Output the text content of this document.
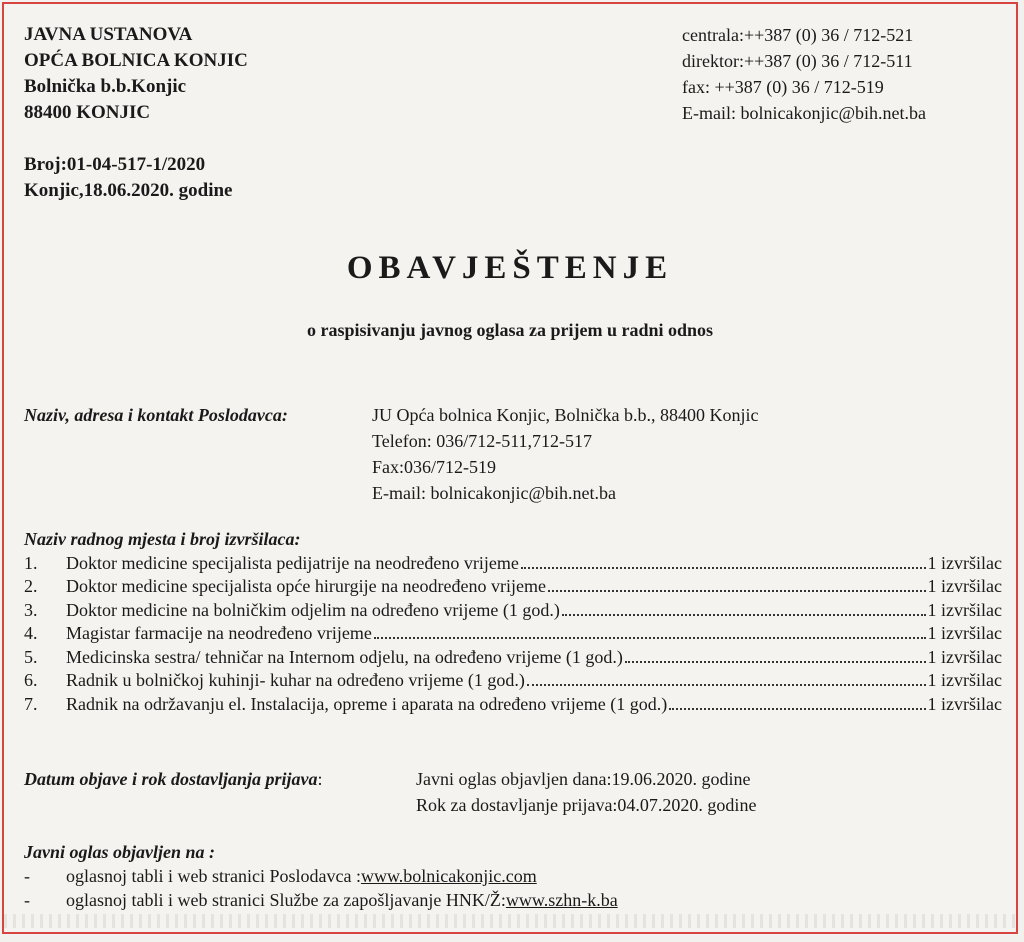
JAVNA USTANOVA
OPĆA BOLNICA KONJIC
Bolnička b.b.Konjic
88400 KONJIC
centrala:++387 (0) 36 / 712-521
direktor:++387 (0) 36 / 712-511
fax: ++387 (0) 36 / 712-519
E-mail: bolnicakonjic@bih.net.ba
Broj:01-04-517-1/2020
Konjic,18.06.2020. godine
OBAVJEŠTENJE
o raspisivanju javnog oglasa za prijem u radni odnos
Naziv, adresa i kontakt Poslodavca:	JU Opća bolnica Konjic, Bolnička b.b., 88400 Konjic
Telefon: 036/712-511,712-517
Fax:036/712-519
E-mail: bolnicakonjic@bih.net.ba
Naziv radnog mjesta i broj izvršilaca:
1.	Doktor medicine specijalista pedijatrije na neodređeno vrijeme	1 izvršilac
2.	Doktor medicine specijalista opće hirurgije na neodređeno vrijeme	1 izvršilac
3.	Doktor medicine na bolničkim odjelim na određeno vrijeme (1 god.)	1 izvršilac
4.	Magistar farmacije na neodređeno vrijeme	1 izvršilac
5.	Medicinska sestra/ tehničar na Internom odjelu, na određeno vrijeme (1 god.)	1 izvršilac
6.	Radnik u bolničkoj kuhinji- kuhar na određeno vrijeme (1 god.)	1 izvršilac
7.	Radnik na održavanju el. Instalacija, opreme i aparata na određeno vrijeme (1 god.)	1 izvršilac
Datum objave i rok dostavljanja prijava:	Javni oglas objavljen dana:19.06.2020. godine
Rok za dostavljanje prijava:04.07.2020. godine
Javni oglas objavljen na :
-	oglasnoj tabli i web stranici Poslodavca : www.bolnicakonjic.com
-	oglasnoj tabli i web stranici Službe za zapošljavanje HNK/Ž: www.szhn-k.ba
